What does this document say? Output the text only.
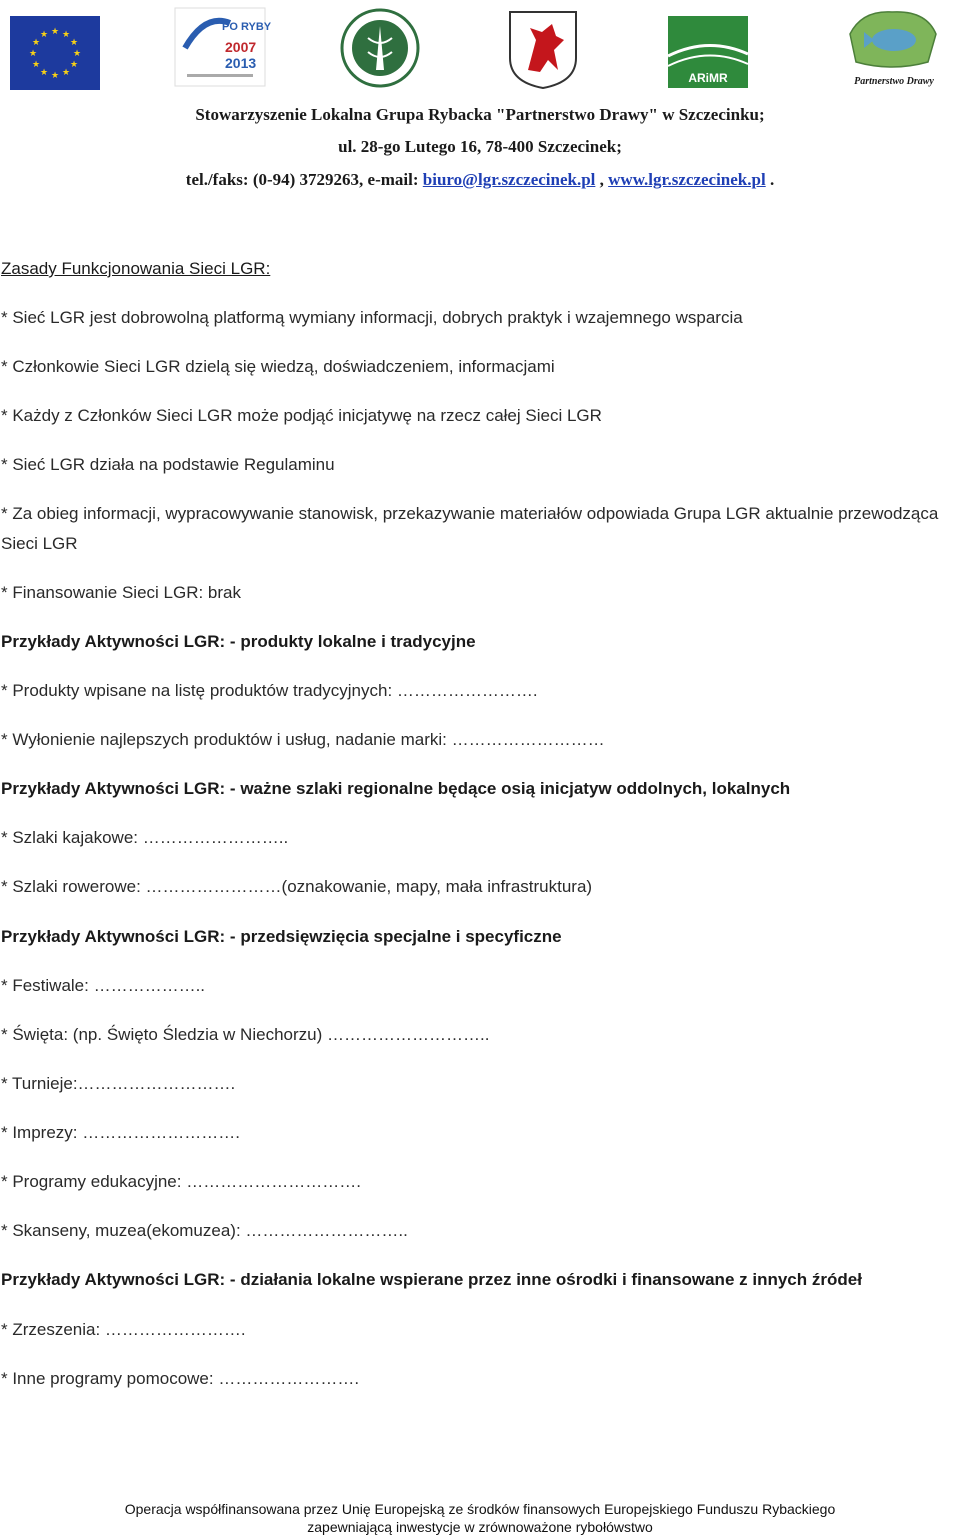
★ ★
★
★
★
★
★
★
★
★
★
★
PO RYBY
2007
2013
ARiMR	Partnerstwo Drawy
Stowarzyszenie Lokalna Grupa Rybacka "Partnerstwo Drawy" w Szczecinku;
ul. 28-go Lutego 16, 78-400 Szczecinek;
tel./faks: (0-94) 3729263, e-mail: biuro@lgr.szczecinek.pl , www.lgr.szczecinek.pl .
Zasady Funkcjonowania Sieci LGR:
* Sieć LGR jest dobrowolną platformą wymiany informacji, dobrych praktyk i wzajemnego wsparcia
* Członkowie Sieci LGR dzielą się wiedzą, doświadczeniem, informacjami
* Każdy z Członków Sieci LGR może podjąć inicjatywę na rzecz całej Sieci LGR
* Sieć LGR działa na podstawie Regulaminu
* Za obieg informacji, wypracowywanie stanowisk, przekazywanie materiałów odpowiada Grupa LGR aktualnie przewodząca Sieci LGR
* Finansowanie Sieci LGR: brak
Przykłady Aktywności LGR: - produkty lokalne i tradycyjne
* Produkty wpisane na listę produktów tradycyjnych: …………………….
* Wyłonienie najlepszych produktów i usług, nadanie marki: ………………………
Przykłady Aktywności LGR: - ważne szlaki regionalne będące osią inicjatyw oddolnych, lokalnych
* Szlaki kajakowe: ……………………..
* Szlaki rowerowe: ……………………(oznakowanie, mapy, mała infrastruktura)
Przykłady Aktywności LGR: - przedsięwzięcia specjalne i specyficzne
* Festiwale: ………………..
* Święta: (np. Święto Śledzia w Niechorzu) ………………………..
* Turnieje:……………………….
* Imprezy: ……………………….
* Programy edukacyjne: ………………………….
* Skanseny, muzea(ekomuzea): ………………………..
Przykłady Aktywności LGR: - działania lokalne wspierane przez inne ośrodki i finansowane z innych źródeł
* Zrzeszenia: …………………….
* Inne programy pomocowe: …………………….
Operacja współfinansowana przez Unię Europejską ze środków finansowych Europejskiego Funduszu Rybackiego
zapewniającą inwestycje w zrównoważone rybołówstwo
